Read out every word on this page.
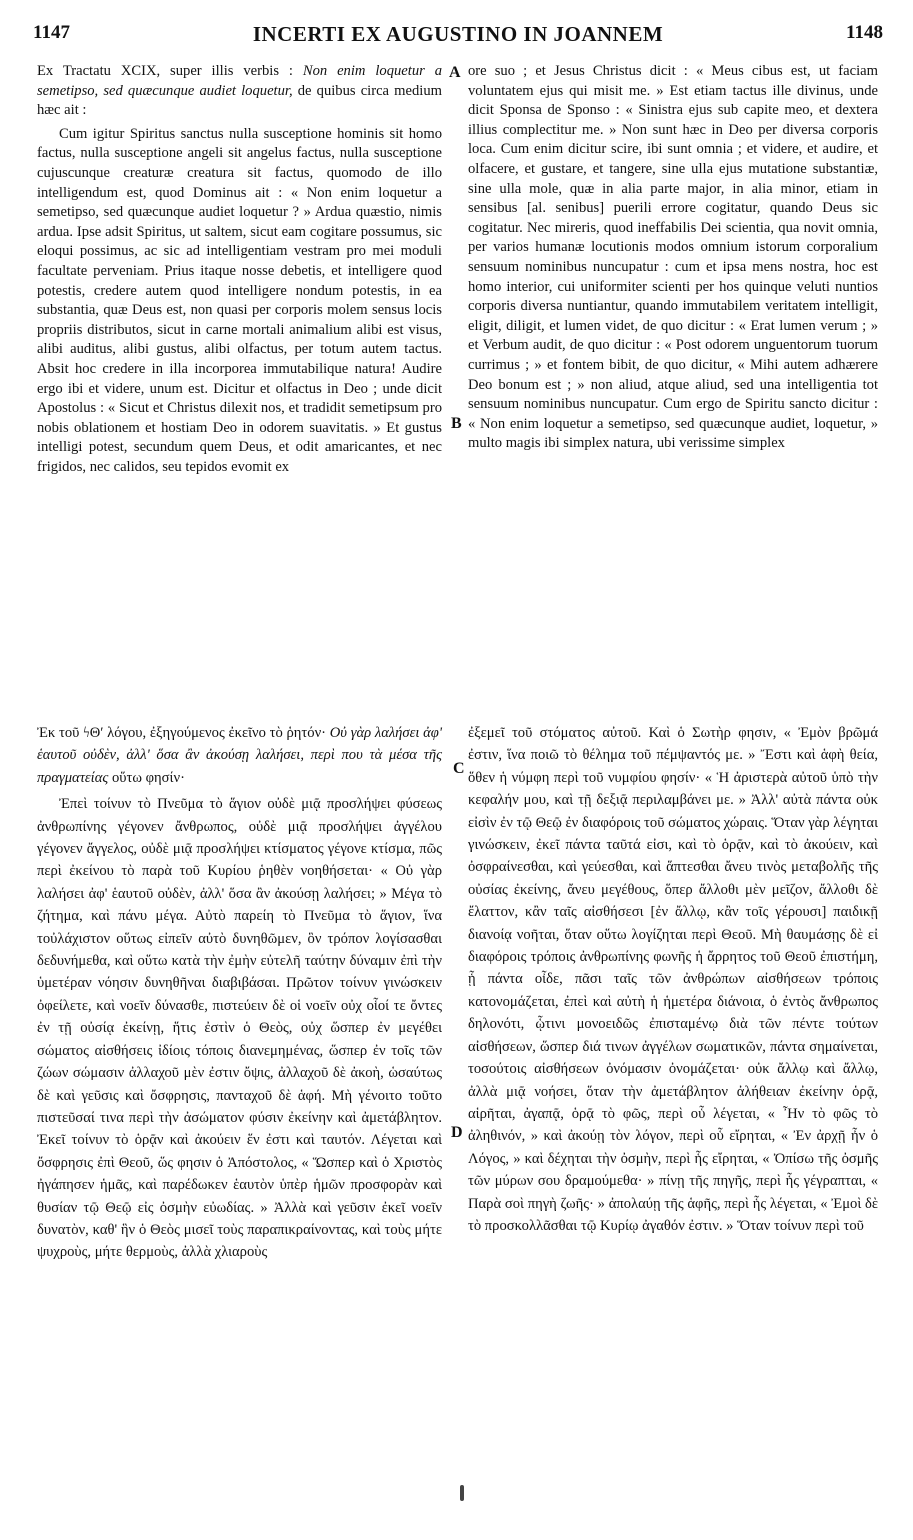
1147	INCERTI EX AUGUSTINO IN JOANNEM	1148
A
B
C
D
Ex Tractatu XCIX, super illis verbis : Non enim loquetur a semetipso, sed quæcunque audiet loquetur, de quibus circa medium hæc ait :
Cum igitur Spiritus sanctus nulla susceptione hominis sit homo factus, nulla susceptione angeli sit angelus factus, nulla susceptione cujuscunque creaturæ creatura sit factus, quomodo de illo intelligendum est, quod Dominus ait : « Non enim loquetur a semetipso, sed quæcunque audiet loquetur ? » Ardua quæstio, nimis ardua. Ipse adsit Spiritus, ut saltem, sicut eam cogitare possumus, sic eloqui possimus, ac sic ad intelligentiam vestram pro mei moduli facultate perveniam. Prius itaque nosse debetis, et intelligere quod potestis, credere autem quod intelligere nondum potestis, in ea substantia, quæ Deus est, non quasi per corporis molem sensus locis propriis distributos, sicut in carne mortali animalium alibi est visus, alibi auditus, alibi gustus, alibi olfactus, per totum autem tactus. Absit hoc credere in illa incorporea immutabilique natura! Audire ergo ibi et videre, unum est. Dicitur et olfactus in Deo ; unde dicit Apostolus : « Sicut et Christus dilexit nos, et tradidit semetipsum pro nobis oblationem et hostiam Deo in odorem suavitatis. » Et gustus intelligi potest, secundum quem Deus, et odit amaricantes, et nec frigidos, nec calidos, seu tepidos evomit ex
ore suo ; et Jesus Christus dicit : « Meus cibus est, ut faciam voluntatem ejus qui misit me. » Est etiam tactus ille divinus, unde dicit Sponsa de Sponso : « Sinistra ejus sub capite meo, et dextera illius complectitur me. » Non sunt hæc in Deo per diversa corporis loca. Cum enim dicitur scire, ibi sunt omnia ; et videre, et audire, et olfacere, et gustare, et tangere, sine ulla ejus mutatione substantiæ, sine ulla mole, quæ in alia parte major, in alia minor, etiam in sensibus [al. senibus] puerili errore cogitatur, quando Deus sic cogitatur. Nec mireris, quod ineffabilis Dei scientia, qua novit omnia, per varios humanæ locutionis modos omnium istorum corporalium sensuum nominibus nuncupatur : cum et ipsa mens nostra, hoc est homo interior, cui uniformiter scienti per hos quinque veluti nuntios corporis diversa nuntiantur, quando immutabilem veritatem intelligit, eligit, diligit, et lumen videt, de quo dicitur : « Erat lumen verum ; » et Verbum audit, de quo dicitur : « Post odorem unguentorum tuorum currimus ; » et fontem bibit, de quo dicitur, « Mihi autem adhærere Deo bonum est ; » non aliud, atque aliud, sed una intelligentia tot sensuum nominibus nuncupatur. Cum ergo de Spiritu sancto dicitur : « Non enim loquetur a semetipso, sed quæcunque audiet, loquetur, » multo magis ibi simplex natura, ubi verissime simplex
Ἐκ τοῦ ϟΘʹ λόγου, ἐξηγούμενος ἐκεῖνο τὸ ῥητόν· Οὐ γὰρ λαλήσει ἀφ' ἑαυτοῦ οὐδὲν, ἀλλ' ὅσα ἂν ἀκούσῃ λαλήσει, περὶ που τὰ μέσα τῆς πραγματείας οὕτω φησίν·
Ἐπεὶ τοίνυν τὸ Πνεῦμα τὸ ἅγιον οὐδὲ μιᾷ προσλήψει φύσεως ἀνθρωπίνης γέγονεν ἄνθρωπος, οὐδὲ μιᾷ προσλήψει ἀγγέλου γέγονεν ἄγγελος, οὐδὲ μιᾷ προσλήψει κτίσματος γέγονε κτίσμα, πῶς περὶ ἐκείνου τὸ παρὰ τοῦ Κυρίου ῥηθὲν νοηθήσεται· « Οὐ γὰρ λαλήσει ἀφ' ἑαυτοῦ οὐδὲν, ἀλλ' ὅσα ἂν ἀκούσῃ λαλήσει; » Μέγα τὸ ζήτημα, καὶ πάνυ μέγα. Αὐτὸ παρείη τὸ Πνεῦμα τὸ ἅγιον, ἵνα τοὐλάχιστον οὕτως εἰπεῖν αὐτὸ δυνηθῶμεν, ὃν τρόπον λογίσασθαι δεδυνήμεθα, καὶ οὕτω κατὰ τὴν ἐμὴν εὐτελῆ ταύτην δύναμιν ἐπὶ τὴν ὑμετέραν νόησιν δυνηθῆναι διαβιβάσαι. Πρῶτον τοίνυν γινώσκειν ὀφείλετε, καὶ νοεῖν δύνασθε, πιστεύειν δὲ οἱ νοεῖν οὐχ οἷοί τε ὄντες ἐν τῇ οὐσίᾳ ἐκείνῃ, ἥτις ἐστὶν ὁ Θεὸς, οὐχ ὥσπερ ἐν μεγέθει σώματος αἰσθήσεις ἰδίοις τόποις διανεμημένας, ὥσπερ ἐν τοῖς τῶν ζώων σώμασιν ἀλλαχοῦ μὲν ἐστιν ὄψις, ἀλλαχοῦ δὲ ἀκοὴ, ὡσαύτως δὲ καὶ γεῦσις καὶ ὄσφρησις, πανταχοῦ δὲ ἁφή. Μὴ γένοιτο τοῦτο πιστεῦσαί τινα περὶ τὴν ἀσώματον φύσιν ἐκείνην καὶ ἀμετάβλητον. Ἐκεῖ τοίνυν τὸ ὁρᾷν καὶ ἀκούειν ἕν ἐστι καὶ ταυτόν. Λέγεται καὶ ὄσφρησις ἐπὶ Θεοῦ, ὥς φησιν ὁ Ἀπόστολος, « Ὥσπερ καὶ ὁ Χριστὸς ἠγάπησεν ἡμᾶς, καὶ παρέδωκεν ἑαυτὸν ὑπὲρ ἡμῶν προσφορὰν καὶ θυσίαν τῷ Θεῷ εἰς ὀσμὴν εὐωδίας. » Ἀλλὰ καὶ γεῦσιν ἐκεῖ νοεῖν δυνατὸν, καθ' ἣν ὁ Θεὸς μισεῖ τοὺς παραπικραίνοντας, καὶ τοὺς μήτε ψυχροὺς, μήτε θερμοὺς, ἀλλὰ χλιαροὺς
ἐξεμεῖ τοῦ στόματος αὐτοῦ. Καὶ ὁ Σωτὴρ φησιν, « Ἐμὸν βρῶμά ἐστιν, ἵνα ποιῶ τὸ θέλημα τοῦ πέμψαντός με. » Ἔστι καὶ ἁφὴ θεία, ὅθεν ἡ νύμφη περὶ τοῦ νυμφίου φησίν· « Ἡ ἀριστερὰ αὐτοῦ ὑπὸ τὴν κεφαλήν μου, καὶ τῇ δεξιᾷ περιλαμβάνει με. » Ἀλλ' αὐτὰ πάντα οὐκ εἰσὶν ἐν τῷ Θεῷ ἐν διαφόροις τοῦ σώματος χώραις. Ὅταν γὰρ λέγηται γινώσκειν, ἐκεῖ πάντα ταῦτά εἰσι, καὶ τὸ ὁρᾷν, καὶ τὸ ἀκούειν, καὶ ὀσφραίνεσθαι, καὶ γεύεσθαι, καὶ ἅπτεσθαι ἄνευ τινὸς μεταβολῆς τῆς οὐσίας ἐκείνης, ἄνευ μεγέθους, ὅπερ ἄλλοθι μὲν μεῖζον, ἄλλοθι δὲ ἔλαττον, κἂν ταῖς αἰσθήσεσι [ἐν ἄλλῳ, κἂν τοῖς γέρουσι] παιδικῇ διανοίᾳ νοῆται, ὅταν οὕτω λογίζηται περὶ Θεοῦ. Μὴ θαυμάσῃς δὲ εἰ διαφόροις τρόποις ἀνθρωπίνης φωνῆς ἡ ἄρρητος τοῦ Θεοῦ ἐπιστήμη, ᾗ πάντα οἶδε, πᾶσι ταῖς τῶν ἀνθρώπων αἰσθήσεων τρόποις κατονομάζεται, ἐπεὶ καὶ αὐτὴ ἡ ἡμετέρα διάνοια, ὁ ἐντὸς ἄνθρωπος δηλονότι, ᾧτινι μονοειδῶς ἐπισταμένῳ διὰ τῶν πέντε τούτων αἰσθήσεων, ὥσπερ διά τινων ἀγγέλων σωματικῶν, πάντα σημαίνεται, τοσούτοις αἰσθήσεων ὀνόμασιν ὀνομάζεται· οὐκ ἄλλῳ καὶ ἄλλῳ, ἀλλὰ μιᾷ νοήσει, ὅταν τὴν ἀμετάβλητον ἀλήθειαν ἐκείνην ὁρᾷ, αἱρῆται, ἀγαπᾷ, ὁρᾷ τὸ φῶς, περὶ οὗ λέγεται, « Ἦν τὸ φῶς τὸ ἀληθινόν, » καὶ ἀκούῃ τὸν λόγον, περὶ οὗ εἴρηται, « Ἐν ἀρχῇ ἦν ὁ Λόγος, » καὶ δέχηται τὴν ὀσμὴν, περὶ ἧς εἴρηται, « Ὀπίσω τῆς ὀσμῆς τῶν μύρων σου δραμούμεθα· » πίνῃ τῆς πηγῆς, περὶ ἧς γέγραπται, « Παρὰ σοὶ πηγὴ ζωῆς· » ἀπολαύῃ τῆς ἁφῆς, περὶ ἧς λέγεται, « Ἐμοὶ δὲ τὸ προσκολλᾶσθαι τῷ Κυρίῳ ἀγαθόν ἐστιν. » Ὅταν τοίνυν περὶ τοῦ
